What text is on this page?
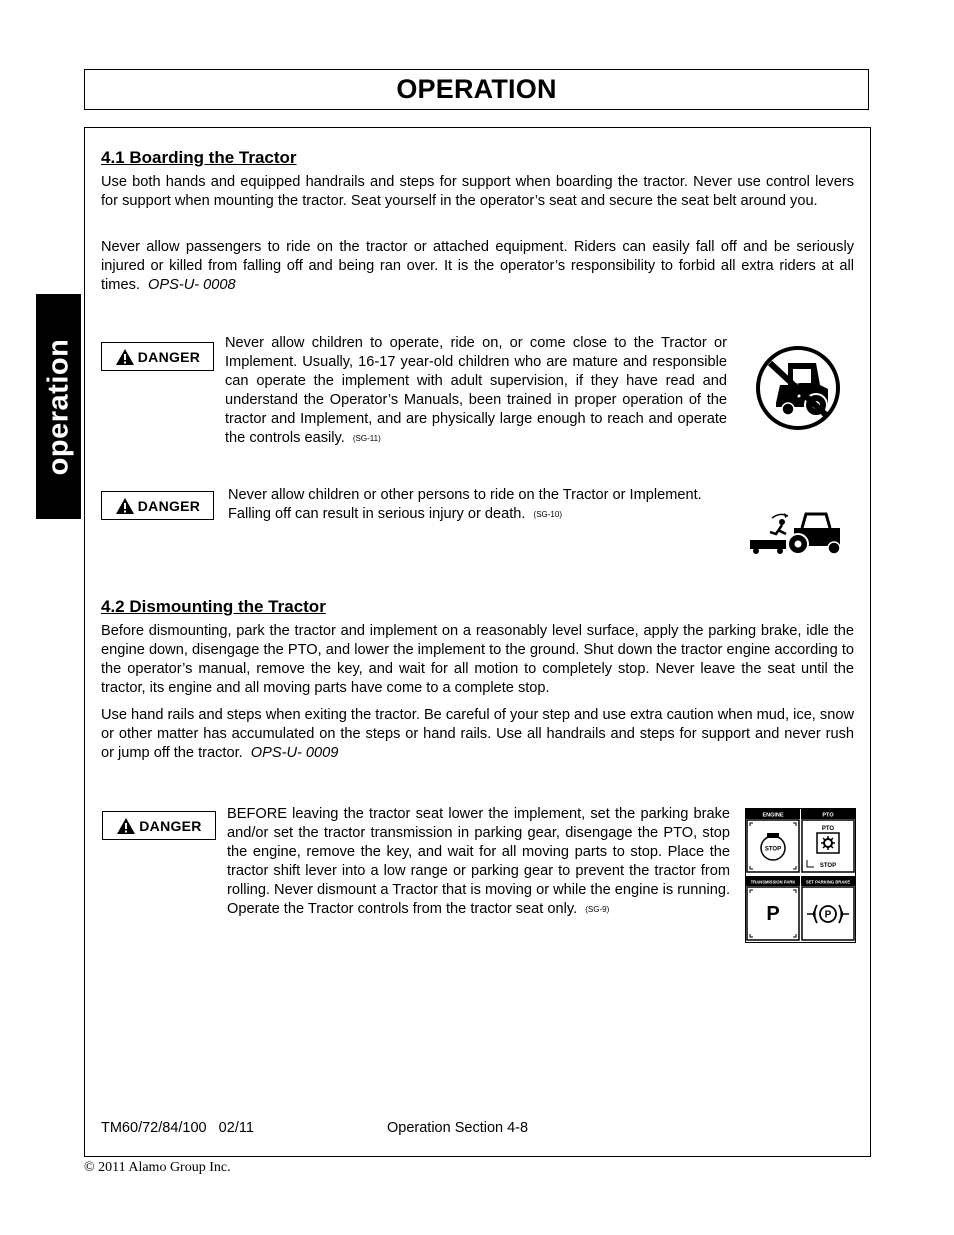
OPERATION
operation
4.1 Boarding the Tractor

Use both hands and equipped handrails and steps for support when boarding the tractor. Never use control levers for support when mounting the tractor. Seat yourself in the operator’s seat and secure the seat belt around you.

Never allow passengers to ride on the tractor or attached equipment. Riders can easily fall off and be seriously injured or killed from falling off and being ran over. It is the operator’s responsibility to forbid all extra riders at all times. OPS-U- 0008

DANGER

Never allow children to operate, ride on, or come close to the Tractor or Implement. Usually, 16-17 year-old children who are mature and responsible can operate the implement with adult supervision, if they have read and understand the Operator’s Manuals, been trained in proper operation of the tractor and Implement, and are physically large enough to reach and operate the controls easily. (SG-11)

DANGER

Never allow children or other persons to ride on the Tractor or Implement. Falling off can result in serious injury or death. (SG-10)

4.2 Dismounting the Tractor

Before dismounting, park the tractor and implement on a reasonably level surface, apply the parking brake, idle the engine down, disengage the PTO, and lower the implement to the ground. Shut down the tractor engine according to the operator’s manual, remove the key, and wait for all motion to completely stop. Never leave the seat until the tractor, its engine and all moving parts have come to a complete stop.

Use hand rails and steps when exiting the tractor. Be careful of your step and use extra caution when mud, ice, snow or other matter has accumulated on the steps or hand rails. Use all handrails and steps for support and never rush or jump off the tractor. OPS-U- 0009

DANGER

BEFORE leaving the tractor seat lower the implement, set the parking brake and/or set the tractor transmission in parking gear, disengage the PTO, stop the engine, remove the key, and wait for all moving parts to stop. Place the tractor shift lever into a low range or parking gear to prevent the tractor from rolling. Never dismount a Tractor that is moving or while the engine is running. Operate the Tractor controls from the tractor seat only. (SG-9)

ENGINE	PTO
STOP
PTO
STOP
TRANSMISSION PARK SET PARKING BRAKE
P	P

TM60/72/84/100   02/11	Operation Section 4-8

© 2011 Alamo Group Inc.
